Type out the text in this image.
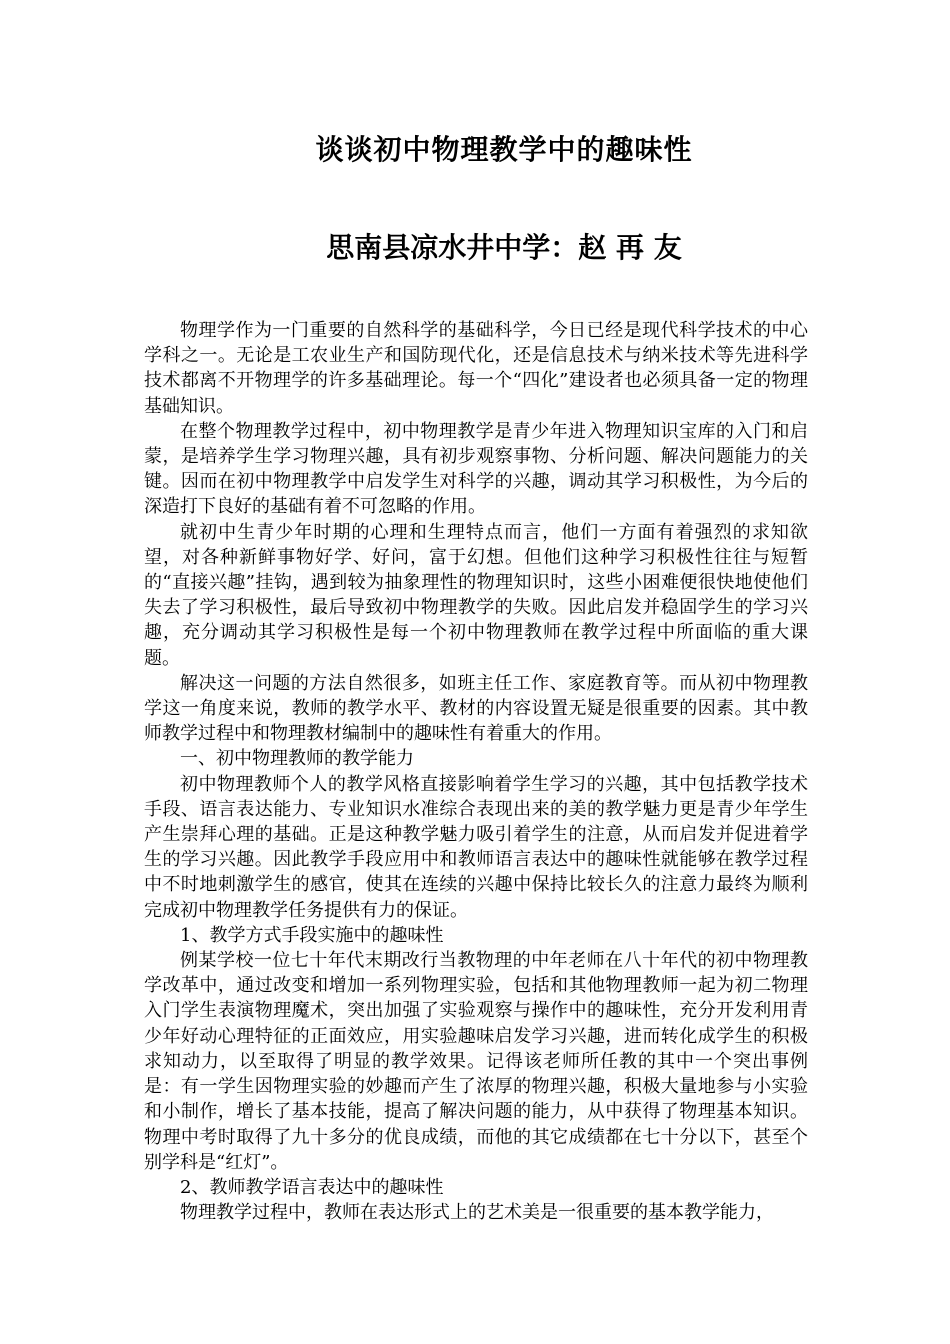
谈谈初中物理教学中的趣味性
思南县凉水井中学：赵 再 友

物理学作为一门重要的自然科学的基础科学，今日已经是现代科学技术的中心学科之一。无论是工农业生产和国防现代化，还是信息技术与纳米技术等先进科学技术都离不开物理学的许多基础理论。每一个“四化”建设者也必须具备一定的物理基础知识。

在整个物理教学过程中，初中物理教学是青少年进入物理知识宝库的入门和启蒙，是培养学生学习物理兴趣，具有初步观察事物、分析问题、解决问题能力的关键。因而在初中物理教学中启发学生对科学的兴趣，调动其学习积极性，为今后的深造打下良好的基础有着不可忽略的作用。

就初中生青少年时期的心理和生理特点而言，他们一方面有着强烈的求知欲望，对各种新鲜事物好学、好问，富于幻想。但他们这种学习积极性往往与短暂的“直接兴趣”挂钩，遇到较为抽象理性的物理知识时，这些小困难便很快地使他们失去了学习积极性，最后导致初中物理教学的失败。因此启发并稳固学生的学习兴趣，充分调动其学习积极性是每一个初中物理教师在教学过程中所面临的重大课题。

解决这一问题的方法自然很多，如班主任工作、家庭教育等。而从初中物理教学这一角度来说，教师的教学水平、教材的内容设置无疑是很重要的因素。其中教师教学过程中和物理教材编制中的趣味性有着重大的作用。

一、初中物理教师的教学能力

初中物理教师个人的教学风格直接影响着学生学习的兴趣，其中包括教学技术手段、语言表达能力、专业知识水准综合表现出来的美的教学魅力更是青少年学生产生崇拜心理的基础。正是这种教学魅力吸引着学生的注意，从而启发并促进着学生的学习兴趣。因此教学手段应用中和教师语言表达中的趣味性就能够在教学过程中不时地刺激学生的感官，使其在连续的兴趣中保持比较长久的注意力最终为顺利完成初中物理教学任务提供有力的保证。

1、教学方式手段实施中的趣味性

例某学校一位七十年代末期改行当教物理的中年老师在八十年代的初中物理教学改革中，通过改变和增加一系列物理实验，包括和其他物理教师一起为初二物理入门学生表演物理魔术，突出加强了实验观察与操作中的趣味性，充分开发利用青少年好动心理特征的正面效应，用实验趣味启发学习兴趣，进而转化成学生的积极求知动力，以至取得了明显的教学效果。记得该老师所任教的其中一个突出事例是：有一学生因物理实验的妙趣而产生了浓厚的物理兴趣，积极大量地参与小实验和小制作，增长了基本技能，提高了解决问题的能力，从中获得了物理基本知识。物理中考时取得了九十多分的优良成绩，而他的其它成绩都在七十分以下，甚至个别学科是“红灯”。

2、教师教学语言表达中的趣味性

物理教学过程中，教师在表达形式上的艺术美是一很重要的基本教学能力，
